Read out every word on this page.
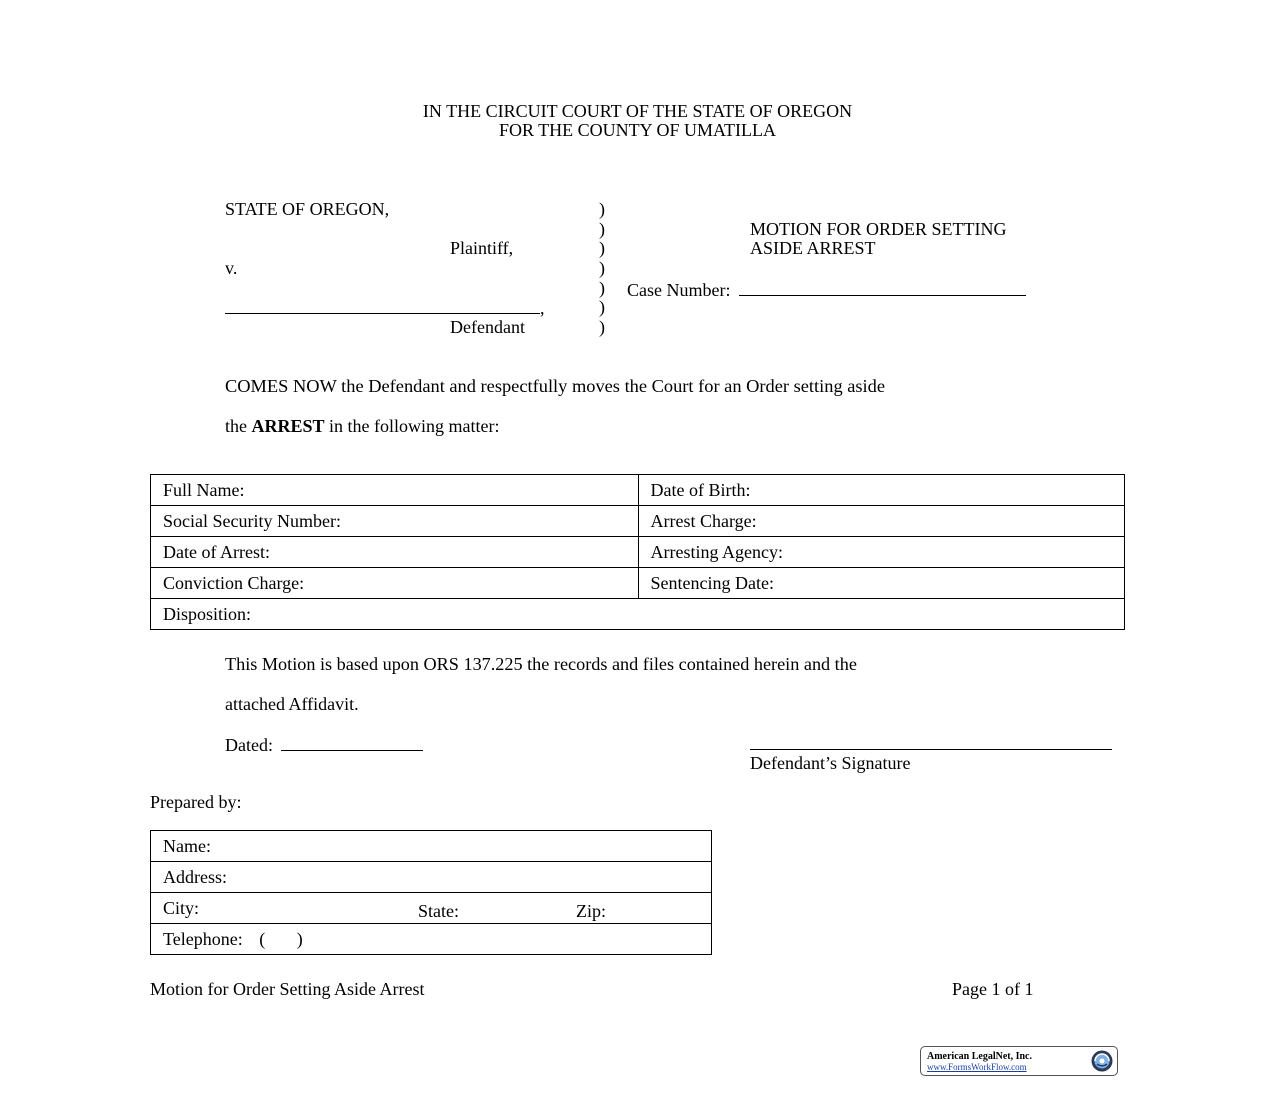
IN THE CIRCUIT COURT OF THE STATE OF OREGON
FOR THE COUNTY OF UMATILLA
STATE OF OREGON,
Plaintiff,
v.
,
Defendant
)
)
)
)
)
)
)
MOTION FOR ORDER SETTING
ASIDE ARREST
Case Number:
COMES NOW the Defendant and respectfully moves the Court for an Order setting aside
the ARREST in the following matter:
Full Name:	Date of Birth:
Social Security Number:	Arrest Charge:
Date of Arrest:	Arresting Agency:
Conviction Charge:	Sentencing Date:
Disposition:	
This Motion is based upon ORS 137.225 the records and files contained herein and the
attached Affidavit.
Dated:
Defendant’s Signature
Prepared by:
Name:
Address:
City:	State:	Zip:

Telephone: (       )
Motion for Order Setting Aside Arrest	Page 1 of 1
American LegalNet, Inc.
www.FormsWorkFlow.com
